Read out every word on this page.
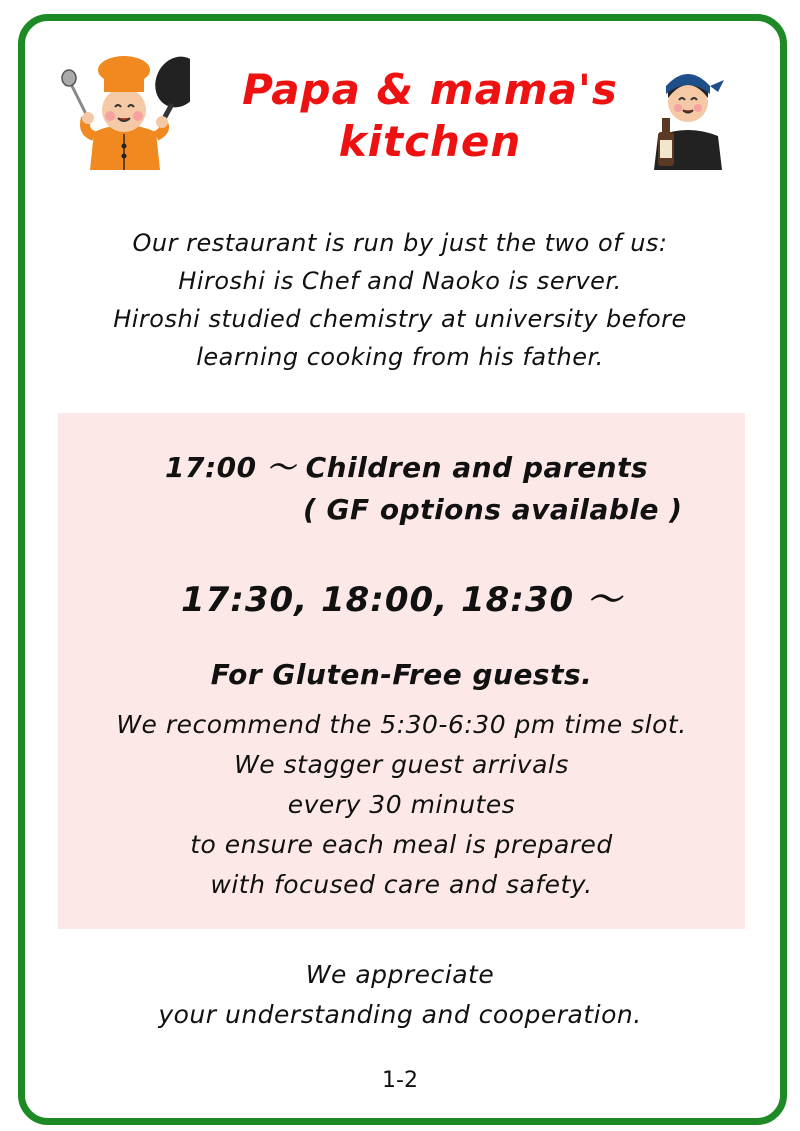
Papa & mama's
kitchen
Our restaurant is run by just the two of us:
Hiroshi is Chef and Naoko is server.
Hiroshi studied chemistry at university before
learning cooking from his father.
17:00 ～ Children and parents
( GF options available )
17:30, 18:00, 18:30 ～
For Gluten-Free guests.
We recommend the 5:30-6:30 pm time slot.
We stagger guest arrivals
every 30 minutes
to ensure each meal is prepared
with focused care and safety.
We appreciate
your understanding and cooperation.
1-2
